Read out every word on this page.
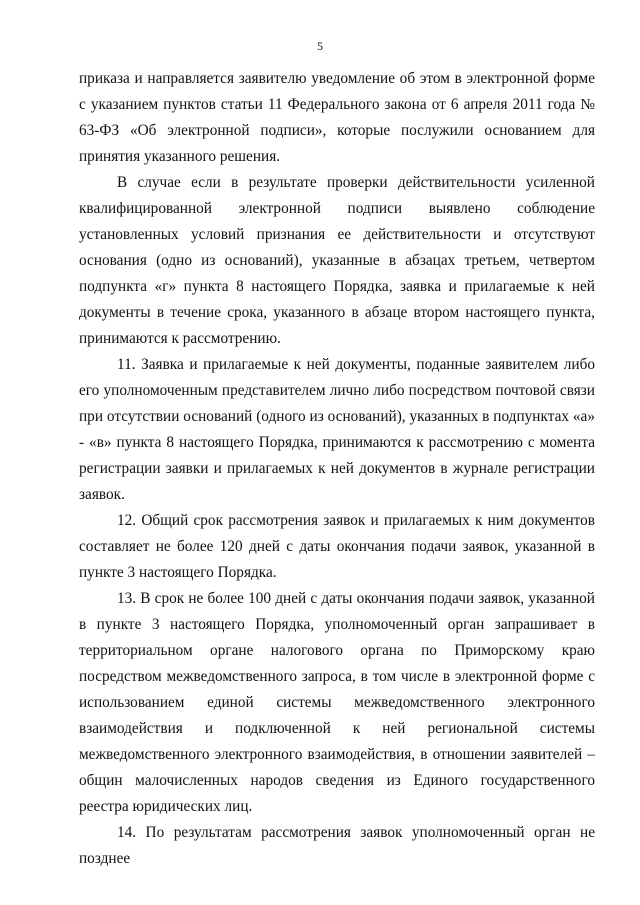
5

приказа и направляется заявителю уведомление об этом в электронной форме с указанием пунктов статьи 11 Федерального закона от 6 апреля 2011 года № 63-ФЗ «Об электронной подписи», которые послужили основанием для принятия указанного решения.

В случае если в результате проверки действительности усиленной квалифицированной электронной подписи выявлено соблюдение установленных условий признания ее действительности и отсутствуют основания (одно из оснований), указанные в абзацах третьем, четвертом подпункта «г» пункта 8 настоящего Порядка, заявка и прилагаемые к ней документы в течение срока, указанного в абзаце втором настоящего пункта, принимаются к рассмотрению.

11. Заявка и прилагаемые к ней документы, поданные заявителем либо его уполномоченным представителем лично либо посредством почтовой связи при отсутствии оснований (одного из оснований), указанных в подпунктах «а» - «в» пункта 8 настоящего Порядка, принимаются к рассмотрению с момента регистрации заявки и прилагаемых к ней документов в журнале регистрации заявок.

12. Общий срок рассмотрения заявок и прилагаемых к ним документов составляет не более 120 дней с даты окончания подачи заявок, указанной в пункте 3 настоящего Порядка.

13. В срок не более 100 дней с даты окончания подачи заявок, указанной в пункте 3 настоящего Порядка, уполномоченный орган запрашивает в территориальном органе налогового органа по Приморскому краю посредством межведомственного запроса, в том числе в электронной форме с использованием единой системы межведомственного электронного взаимодействия и подключенной к ней региональной системы межведомственного электронного взаимодействия, в отношении заявителей – общин малочисленных народов сведения из Единого государственного реестра юридических лиц.

14. По результатам рассмотрения заявок уполномоченный орган не позднее
